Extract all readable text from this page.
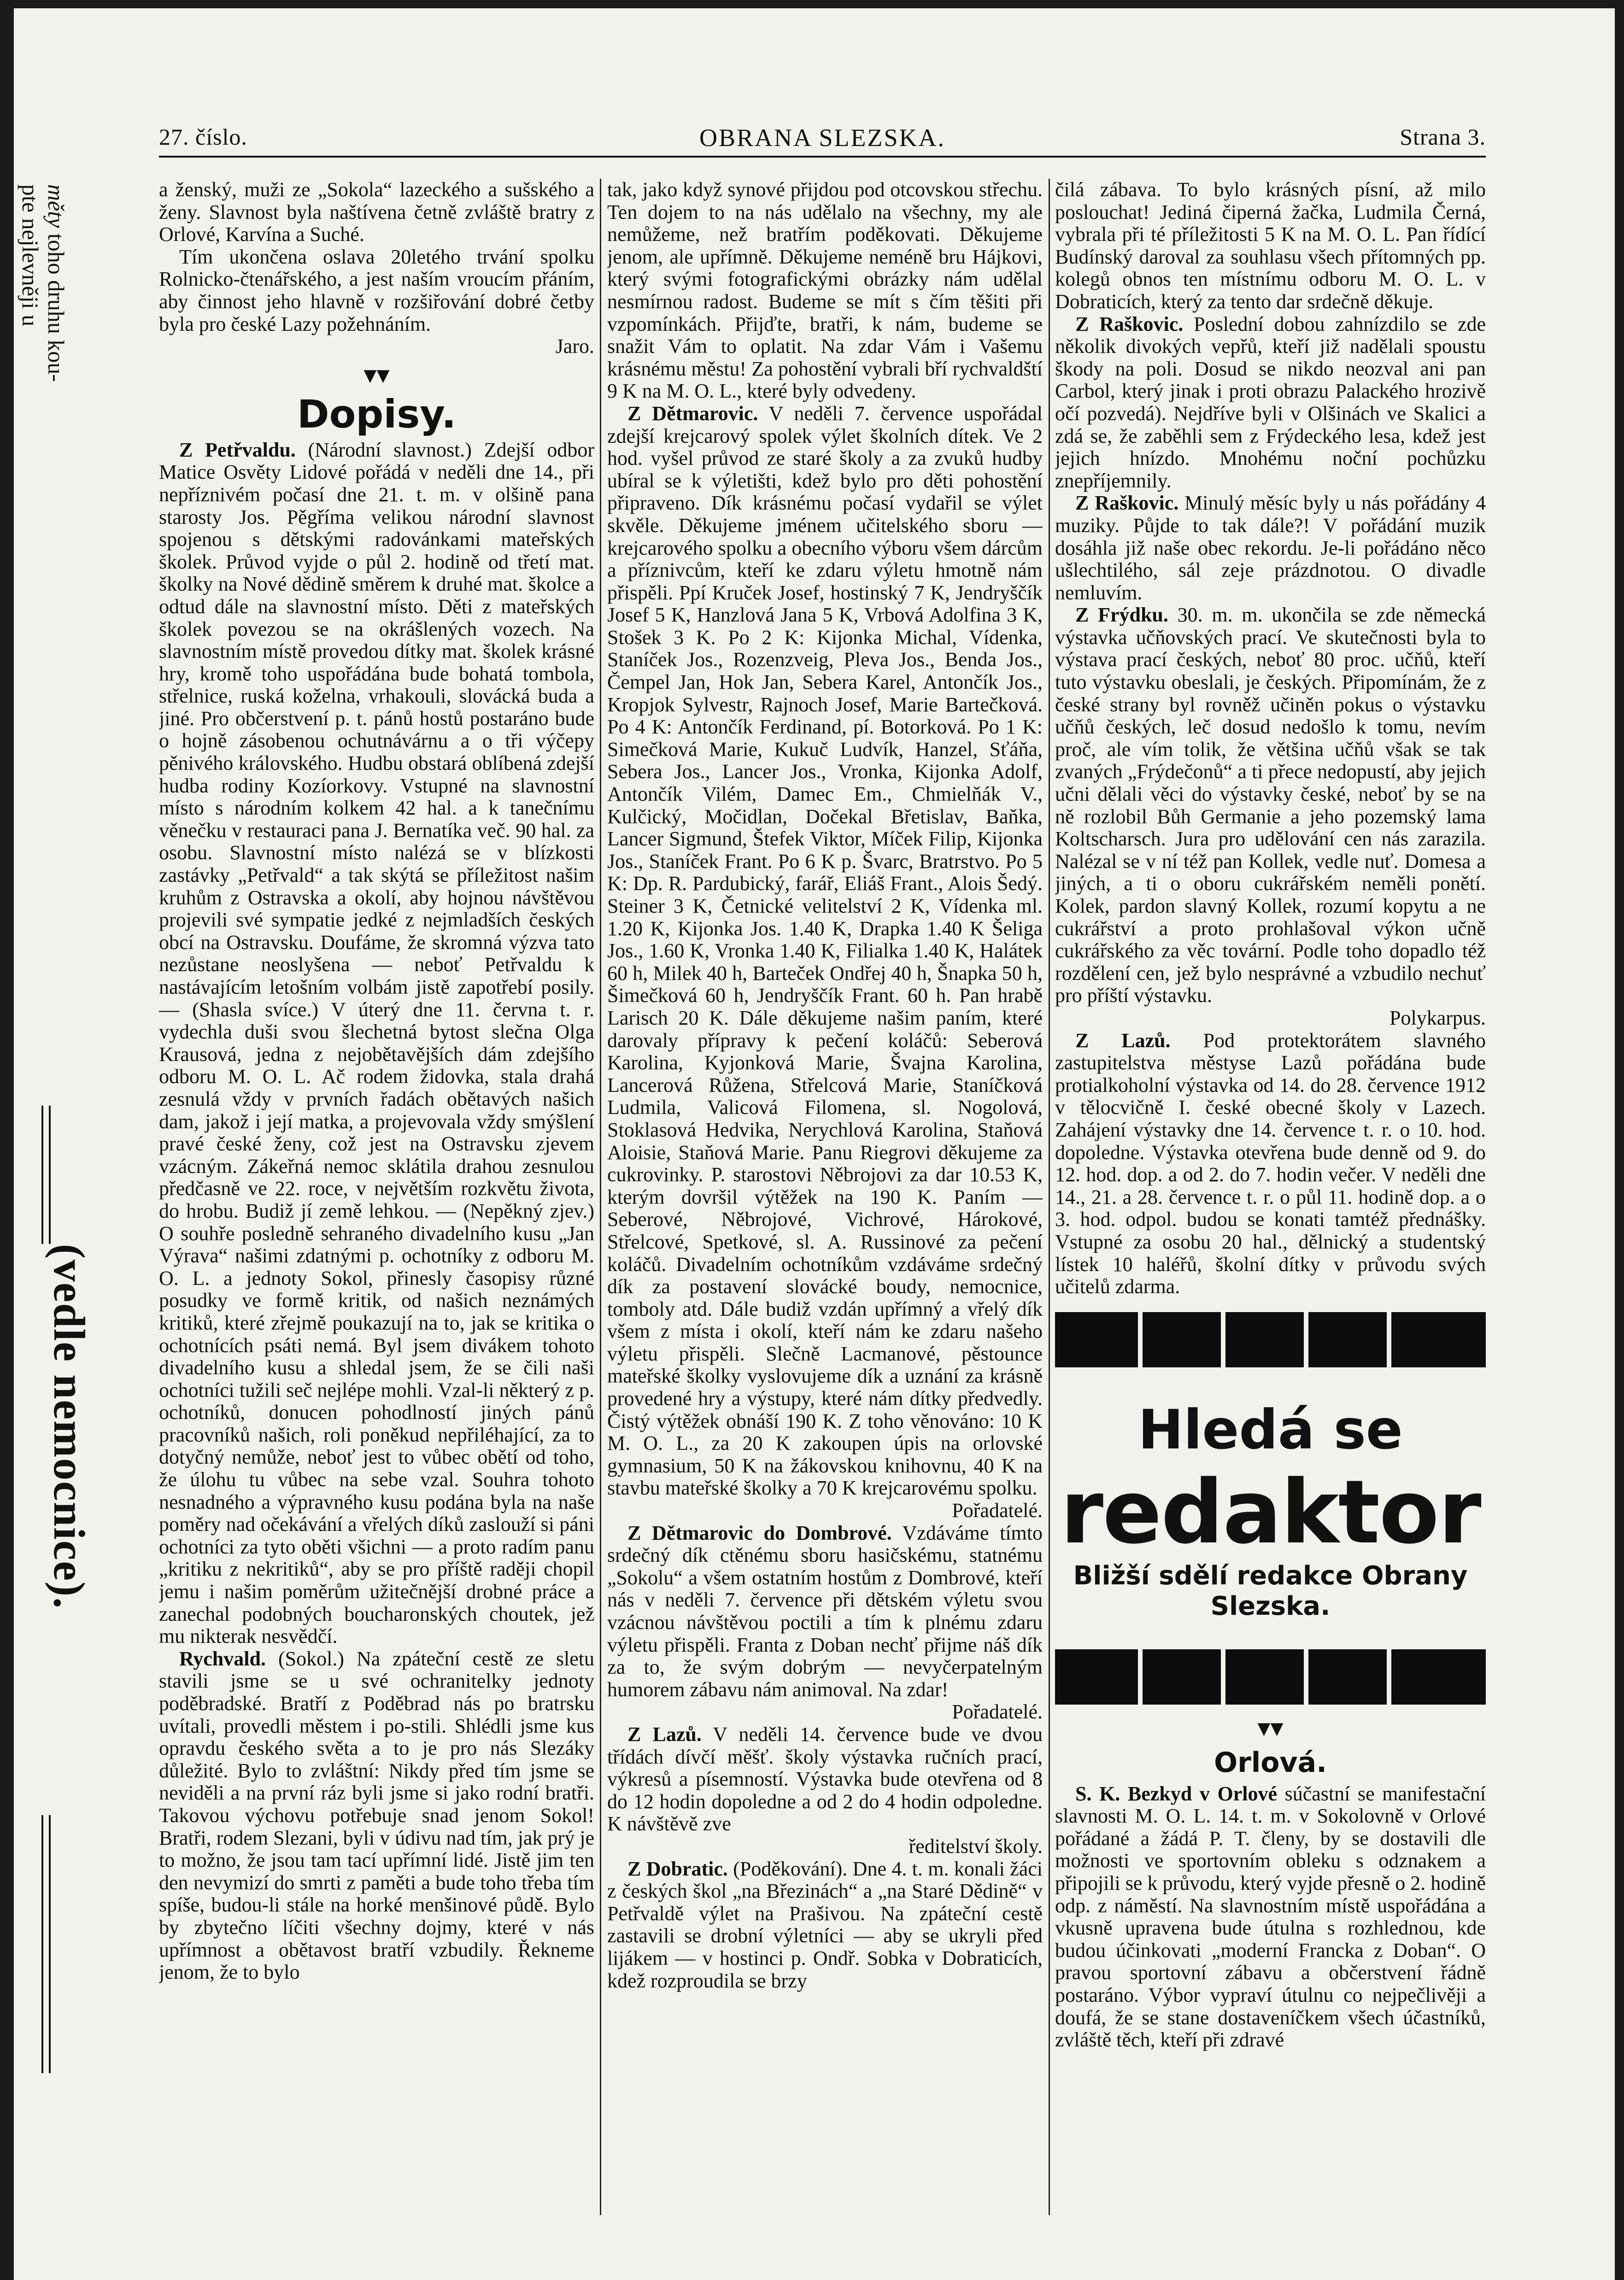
měty toho druhu kou-
pte nejlevněji u
(vedle nemocnice).
27. číslo.	OBRANA SLEZSKA.	Strana 3.

a ženský, muži ze „Sokola“ lazeckého a sušského a ženy. Slavnost byla naštívena četně zvláště bratry z Orlové, Karvína a Suché.

 Tím ukončena oslava 20letého trvání spolku Rolnicko-čtenářského, a jest naším vroucím přáním, aby činnost jeho hlavně v rozšiřování dobré četby byla pro české Lazy požehnáním.

Jaro.

▾▾
Dopisy.

 Z Petřvaldu. (Národní slavnost.) Zdejší odbor Matice Osvěty Lidové pořádá v neděli dne 14., při nepříznivém počasí dne 21. t. m. v olšině pana starosty Jos. Pěgříma velikou národní slavnost spojenou s dětskými radovánkami mateřských školek. Průvod vyjde o půl 2. hodině od třetí mat. školky na Nové dědině směrem k druhé mat. školce a odtud dále na slavnostní místo. Děti z mateřských školek povezou se na okrášlených vozech. Na slavnostním místě provedou dítky mat. školek krásné hry, kromě toho uspořádána bude bohatá tombola, střelnice, ruská koželna, vrhakouli, slovácká buda a jiné. Pro občerstvení p. t. pánů hostů postaráno bude o hojně zásobenou ochutnávárnu a o tři výčepy pěnivého královského. Hudbu obstará oblíbená zdejší hudba rodiny Kozíorkovy. Vstupné na slavnostní místo s národním kolkem 42 hal. a k tanečnímu věnečku v restauraci pana J. Bernatíka več. 90 hal. za osobu. Slavnostní místo nalézá se v blízkosti zastávky „Petřvald“ a tak skýtá se příležitost našim kruhům z Ostravska a okolí, aby hojnou návštěvou projevili své sympatie jedké z nejmladších českých obcí na Ostravsku. Doufáme, že skromná výzva tato nezůstane neoslyšena — neboť Petřvaldu k nastávajícím letošním volbám jistě zapotřebí posily. — (Shasla svíce.) V úterý dne 11. června t. r. vydechla duši svou šlechetná bytost slečna Olga Krausová, jedna z nejobětavějších dám zdejšího odboru M. O. L. Ač rodem židovka, stala drahá zesnulá vždy v prvních řadách obětavých našich dam, jakož i její matka, a projevovala vždy smýšlení pravé české ženy, což jest na Ostravsku zjevem vzácným. Zákeřná nemoc sklátila drahou zesnulou předčasně ve 22. roce, v největším rozkvětu života, do hrobu. Budiž jí země lehkou. — (Nepěkný zjev.) O souhře posledně sehraného divadelního kusu „Jan Výrava“ našimi zdatnými p. ochotníky z odboru M. O. L. a jednoty Sokol, přinesly časopisy různé posudky ve formě kritik, od našich neznámých kritiků, které zřejmě poukazují na to, jak se kritika o ochotnících psáti nemá. Byl jsem divákem tohoto divadelního kusu a shledal jsem, že se čili naši ochotníci tužili seč nejlépe mohli. Vzal-li některý z p. ochotníků, donucen pohodlností jiných pánů pracovníků našich, roli poněkud nepřiléhající, za to dotyčný nemůže, neboť jest to vůbec obětí od toho, že úlohu tu vůbec na sebe vzal. Souhra tohoto nesnadného a výpravného kusu podána byla na naše poměry nad očekávání a vřelých díků zaslouží si páni ochotníci za tyto oběti všichni — a proto radím panu „kritiku z nekritiků“, aby se pro příště raději chopil jemu i našim poměrům užitečnější drobné práce a zanechal podobných boucharonských choutek, jež mu nikterak nesvědčí.

 Rychvald. (Sokol.) Na zpáteční cestě ze sletu stavili jsme se u své ochranitelky jednoty poděbradské. Bratří z Poděbrad nás po bratrsku uvítali, provedli městem i po-stili. Shlédli jsme kus opravdu českého světa a to je pro nás Slezáky důležité. Bylo to zvláštní: Nikdy před tím jsme se neviděli a na první ráz byli jsme si jako rodní bratři. Takovou výchovu potřebuje snad jenom Sokol! Bratři, rodem Slezani, byli v údivu nad tím, jak prý je to možno, že jsou tam tací upřímní lidé. Jistě jim ten den nevymizí do smrti z paměti a bude toho třeba tím spíše, budou-li stále na horké menšinové půdě. Bylo by zbytečno líčiti všechny dojmy, které v nás upřímnost a obětavost bratří vzbudily. Řekneme jenom, že to bylo

tak, jako když synové přijdou pod otcovskou střechu. Ten dojem to na nás udělalo na všechny, my ale nemůžeme, než bratřím poděkovati. Děkujeme jenom, ale upřímně. Děkujeme neméně bru Hájkovi, který svými fotografickými obrázky nám udělal nesmírnou radost. Budeme se mít s čím těšiti při vzpomínkách. Přijďte, bratři, k nám, budeme se snažit Vám to oplatit. Na zdar Vám i Vašemu krásnému městu! Za pohostění vybrali bří rychvaldští 9 K na M. O. L., které byly odvedeny.

 Z Dětmarovic. V neděli 7. července uspořádal zdejší krejcarový spolek výlet školních dítek. Ve 2 hod. vyšel průvod ze staré školy a za zvuků hudby ubíral se k výletišti, kdež bylo pro děti pohostění připraveno. Dík krásnému počasí vydařil se výlet skvěle. Děkujeme jménem učitelského sboru — krejcarového spolku a obecního výboru všem dárcům a příznivcům, kteří ke zdaru výletu hmotně nám přispěli. Ppí Kruček Josef, hostinský 7 K, Jendryščík Josef 5 K, Hanzlová Jana 5 K, Vrbová Adolfina 3 K, Stošek 3 K. Po 2 K: Kijonka Michal, Vídenka, Staníček Jos., Rozenzveig, Pleva Jos., Benda Jos., Čempel Jan, Hok Jan, Sebera Karel, Antončík Jos., Kropjok Sylvestr, Rajnoch Josef, Marie Bartečková. Po 4 K: Antončík Ferdinand, pí. Botorková. Po 1 K: Simečková Marie, Kukuč Ludvík, Hanzel, Sťáňa, Sebera Jos., Lancer Jos., Vronka, Kijonka Adolf, Antončík Vilém, Damec Em., Chmielňák V., Kulčický, Močidlan, Dočekal Břetislav, Baňka, Lancer Sigmund, Štefek Viktor, Míček Filip, Kijonka Jos., Staníček Frant. Po 6 K p. Švarc, Bratrstvo. Po 5 K: Dp. R. Pardubický, farář, Eliáš Frant., Alois Šedý. Steiner 3 K, Četnické velitelství 2 K, Vídenka ml. 1.20 K, Kijonka Jos. 1.40 K, Drapka 1.40 K Šeliga Jos., 1.60 K, Vronka 1.40 K, Filialka 1.40 K, Halátek 60 h, Milek 40 h, Barteček Ondřej 40 h, Šnapka 50 h, Šimečková 60 h, Jendryščík Frant. 60 h. Pan hrabě Larisch 20 K. Dále děkujeme našim paním, které darovaly přípravy k pečení koláčů: Seberová Karolina, Kyjonková Marie, Švajna Karolina, Lancerová Růžena, Střelcová Marie, Staníčková Ludmila, Valicová Filomena, sl. Nogolová, Stoklasová Hedvika, Nerychlová Karolina, Staňová Aloisie, Staňová Marie. Panu Riegrovi děkujeme za cukrovinky. P. starostovi Něbrojovi za dar 10.53 K, kterým dovršil výtěžek na 190 K. Paním — Seberové, Něbrojové, Vichrové, Hárokové, Střelcové, Spetkové, sl. A. Russinové za pečení koláčů. Divadelním ochotníkům vzdáváme srdečný dík za postavení slovácké boudy, nemocnice, tomboly atd. Dále budiž vzdán upřímný a vřelý dík všem z místa i okolí, kteří nám ke zdaru našeho výletu přispěli. Slečně Lacmanové, pěstounce mateřské školky vyslovujeme dík a uznání za krásně provedené hry a výstupy, které nám dítky předvedly. Čistý výtěžek obnáší 190 K. Z toho věnováno: 10 K M. O. L., za 20 K zakoupen úpis na orlovské gymnasium, 50 K na žákovskou knihovnu, 40 K na stavbu mateřské školky a 70 K krejcarovému spolku.

Pořadatelé.

 Z Dětmarovic do Dombrové. Vzdáváme tímto srdečný dík ctěnému sboru hasičskému, statnému „Sokolu“ a všem ostatním hostům z Dombrové, kteří nás v neděli 7. července při dětském výletu svou vzácnou návštěvou poctili a tím k plnému zdaru výletu přispěli. Franta z Doban nechť přijme náš dík za to, že svým dobrým — nevyčerpatelným humorem zábavu nám animoval. Na zdar!

Pořadatelé.

 Z Lazů. V neděli 14. července bude ve dvou třídách dívčí měšť. školy výstavka ručních prací, výkresů a písemností. Výstavka bude otevřena od 8 do 12 hodin dopoledne a od 2 do 4 hodin odpoledne. K návštěvě zve

ředitelství školy.

 Z Dobratic. (Poděkování). Dne 4. t. m. konali žáci z českých škol „na Březinách“ a „na Staré Dědině“ v Petřvaldě výlet na Prašivou. Na zpáteční cestě zastavili se drobní výletníci — aby se ukryli před lijákem — v hostinci p. Ondř. Sobka v Dobraticích, kdež rozproudila se brzy

čilá zábava. To bylo krásných písní, až milo poslouchat! Jediná čiperná žačka, Ludmila Černá, vybrala při té příležitosti 5 K na M. O. L. Pan řídící Budínský daroval za souhlasu všech přítomných pp. kolegů obnos ten místnímu odboru M. O. L. v Dobraticích, který za tento dar srdečně děkuje.

 Z Raškovic. Poslední dobou zahnízdilo se zde několik divokých vepřů, kteří již nadělali spoustu škody na poli. Dosud se nikdo neozval ani pan Carbol, který jinak i proti obrazu Palackého hrozivě očí pozvedá). Nejdříve byli v Olšinách ve Skalici a zdá se, že zaběhli sem z Frýdeckého lesa, kdež jest jejich hnízdo. Mnohému noční pochůzku znepříjemnily.

 Z Raškovic. Minulý měsíc byly u nás pořádány 4 muziky. Půjde to tak dále?! V pořádání muzik dosáhla již naše obec rekordu. Je-li pořádáno něco ušlechtilého, sál zeje prázdnotou. O divadle nemluvím.

 Z Frýdku. 30. m. m. ukončila se zde německá výstavka učňovských prací. Ve skutečnosti byla to výstava prací českých, neboť 80 proc. učňů, kteří tuto výstavku obeslali, je českých. Připomínám, že z české strany byl rovněž učiněn pokus o výstavku učňů českých, leč dosud nedošlo k tomu, nevím proč, ale vím tolik, že většina učňů však se tak zvaných „Frýdečonů“ a ti přece nedopustí, aby jejich učni dělali věci do výstavky české, neboť by se na ně rozlobil Bůh Germanie a jeho pozemský lama Koltscharsch. Jura pro udělování cen nás zarazila. Nalézal se v ní též pan Kollek, vedle nuť. Domesa a jiných, a ti o oboru cukrářském neměli ponětí. Kolek, pardon slavný Kollek, rozumí kopytu a ne cukrářství a proto prohlašoval výkon učně cukrářského za věc tovární. Podle toho dopadlo též rozdělení cen, jež bylo nesprávné a vzbudilo nechuť pro příští výstavku.

Polykarpus.

 Z Lazů. Pod protektorátem slavného zastupitelstva městyse Lazů pořádána bude protialkoholní výstavka od 14. do 28. července 1912 v tělocvičně I. české obecné školy v Lazech. Zahájení výstavky dne 14. července t. r. o 10. hod. dopoledne. Výstavka otevřena bude denně od 9. do 12. hod. dop. a od 2. do 7. hodin večer. V neděli dne 14., 21. a 28. července t. r. o půl 11. hodině dop. a o 3. hod. odpol. budou se konati tamtéž přednášky. Vstupné za osobu 20 hal., dělnický a studentský lístek 10 haléřů, školní dítky v průvodu svých učitelů zdarma.

Hledá se
redaktor
Bližší sdělí redakce Obrany Slezska.
▾▾
Orlová.

 S. K. Bezkyd v Orlové súčastní se manifestační slavnosti M. O. L. 14. t. m. v Sokolovně v Orlové pořádané a žádá P. T. členy, by se dostavili dle možnosti ve sportovním obleku s odznakem a připojili se k průvodu, který vyjde přesně o 2. hodině odp. z náměstí. Na slavnostním místě uspořádána a vkusně upravena bude útulna s rozhlednou, kde budou účinkovati „moderní Francka z Doban“. O pravou sportovní zábavu a občerstvení řádně postaráno. Výbor vypraví útulnu co nejpečlivěji a doufá, že se stane dostaveníčkem všech účastníků, zvláště těch, kteří při zdravé
